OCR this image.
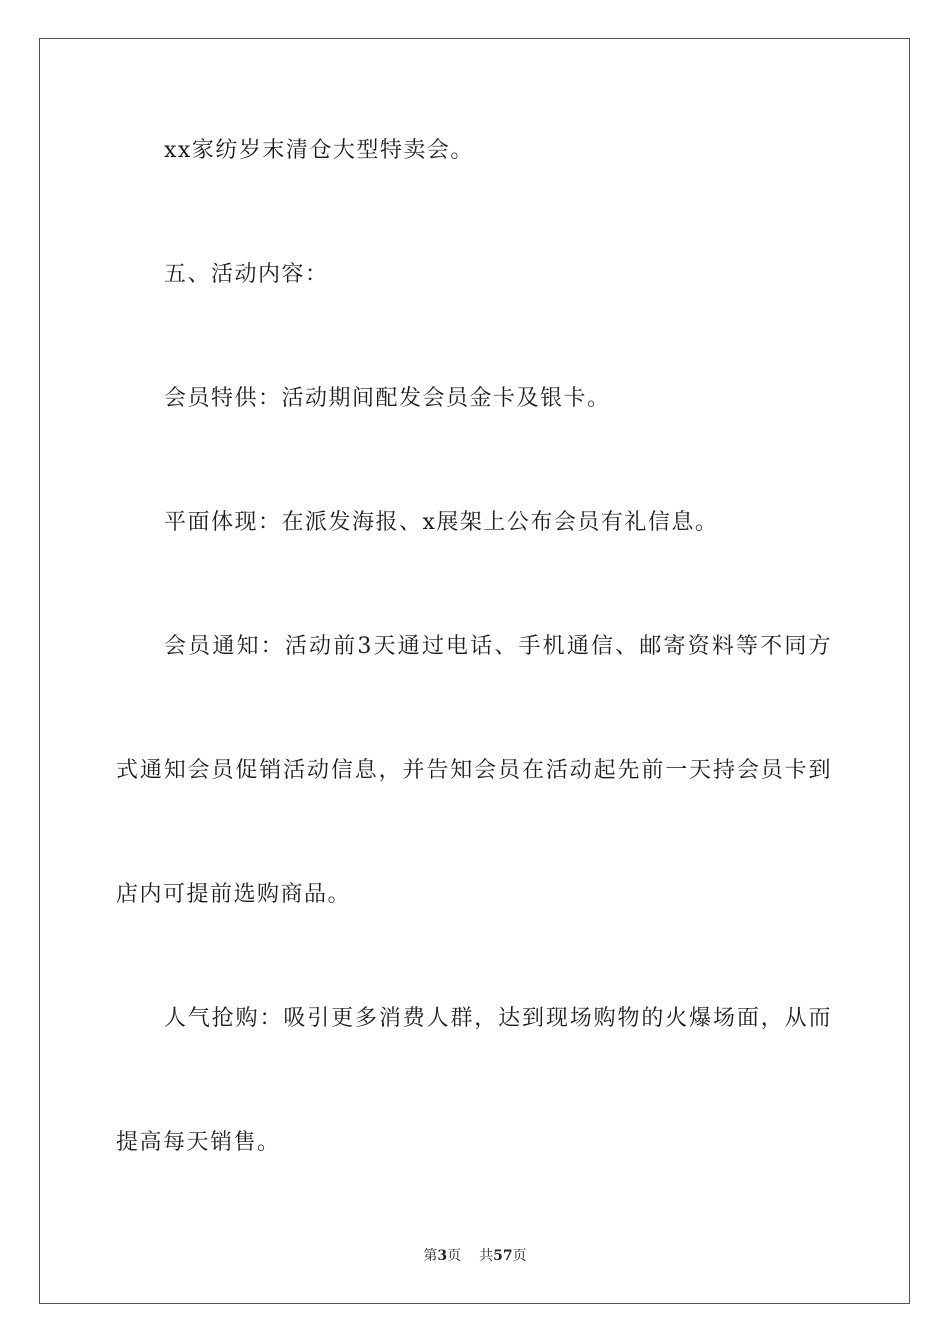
xx家纺岁末清仓大型特卖会。
五、活动内容：
会员特供：活动期间配发会员金卡及银卡。
平面体现：在派发海报、x展架上公布会员有礼信息。
会员通知：活动前3天通过电话、手机通信、邮寄资料等不同方
式通知会员促销活动信息，并告知会员在活动起先前一天持会员卡到
店内可提前选购商品。
人气抢购：吸引更多消费人群，达到现场购物的火爆场面，从而
提高每天销售。
第3页 共57页
